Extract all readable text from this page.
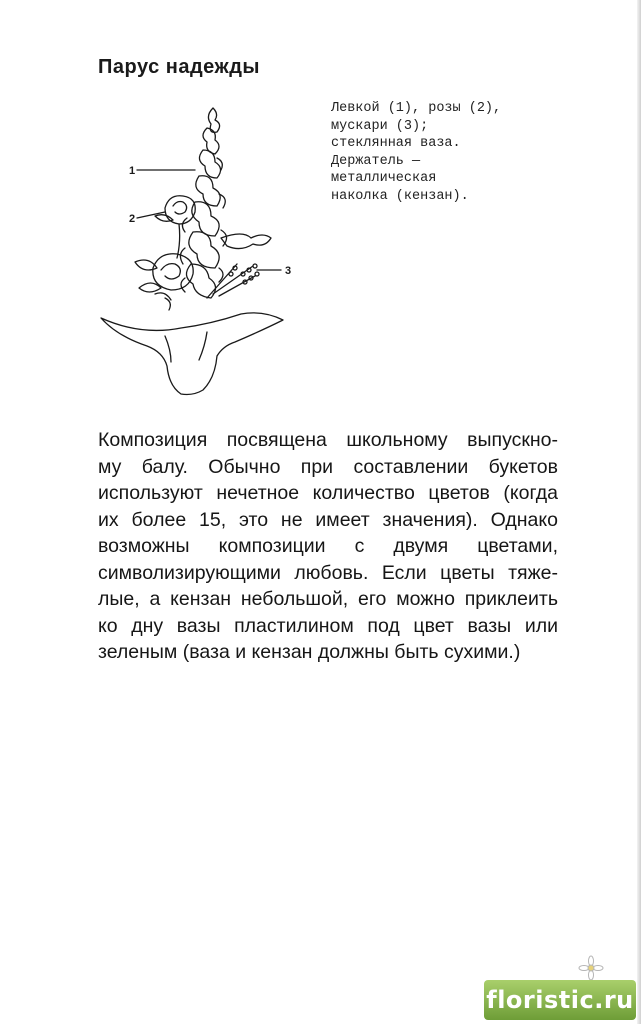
Парус надежды
Левкой (1), розы (2),
мускари (3);
стеклянная ваза.
Держатель —
металлическая
наколка (кензан).
1
2
3
Композиция посвящена школьному выпускно-
му балу. Обычно при составлении букетов
используют нечетное количество цветов (когда
их более 15, это не имеет значения). Однако
возможны композиции с двумя цветами,
символизирующими любовь. Если цветы тяже-
лые, а кензан небольшой, его можно приклеить
ко дну вазы пластилином под цвет вазы или
зеленым (ваза и кензан должны быть сухими.)
floristic.ru
